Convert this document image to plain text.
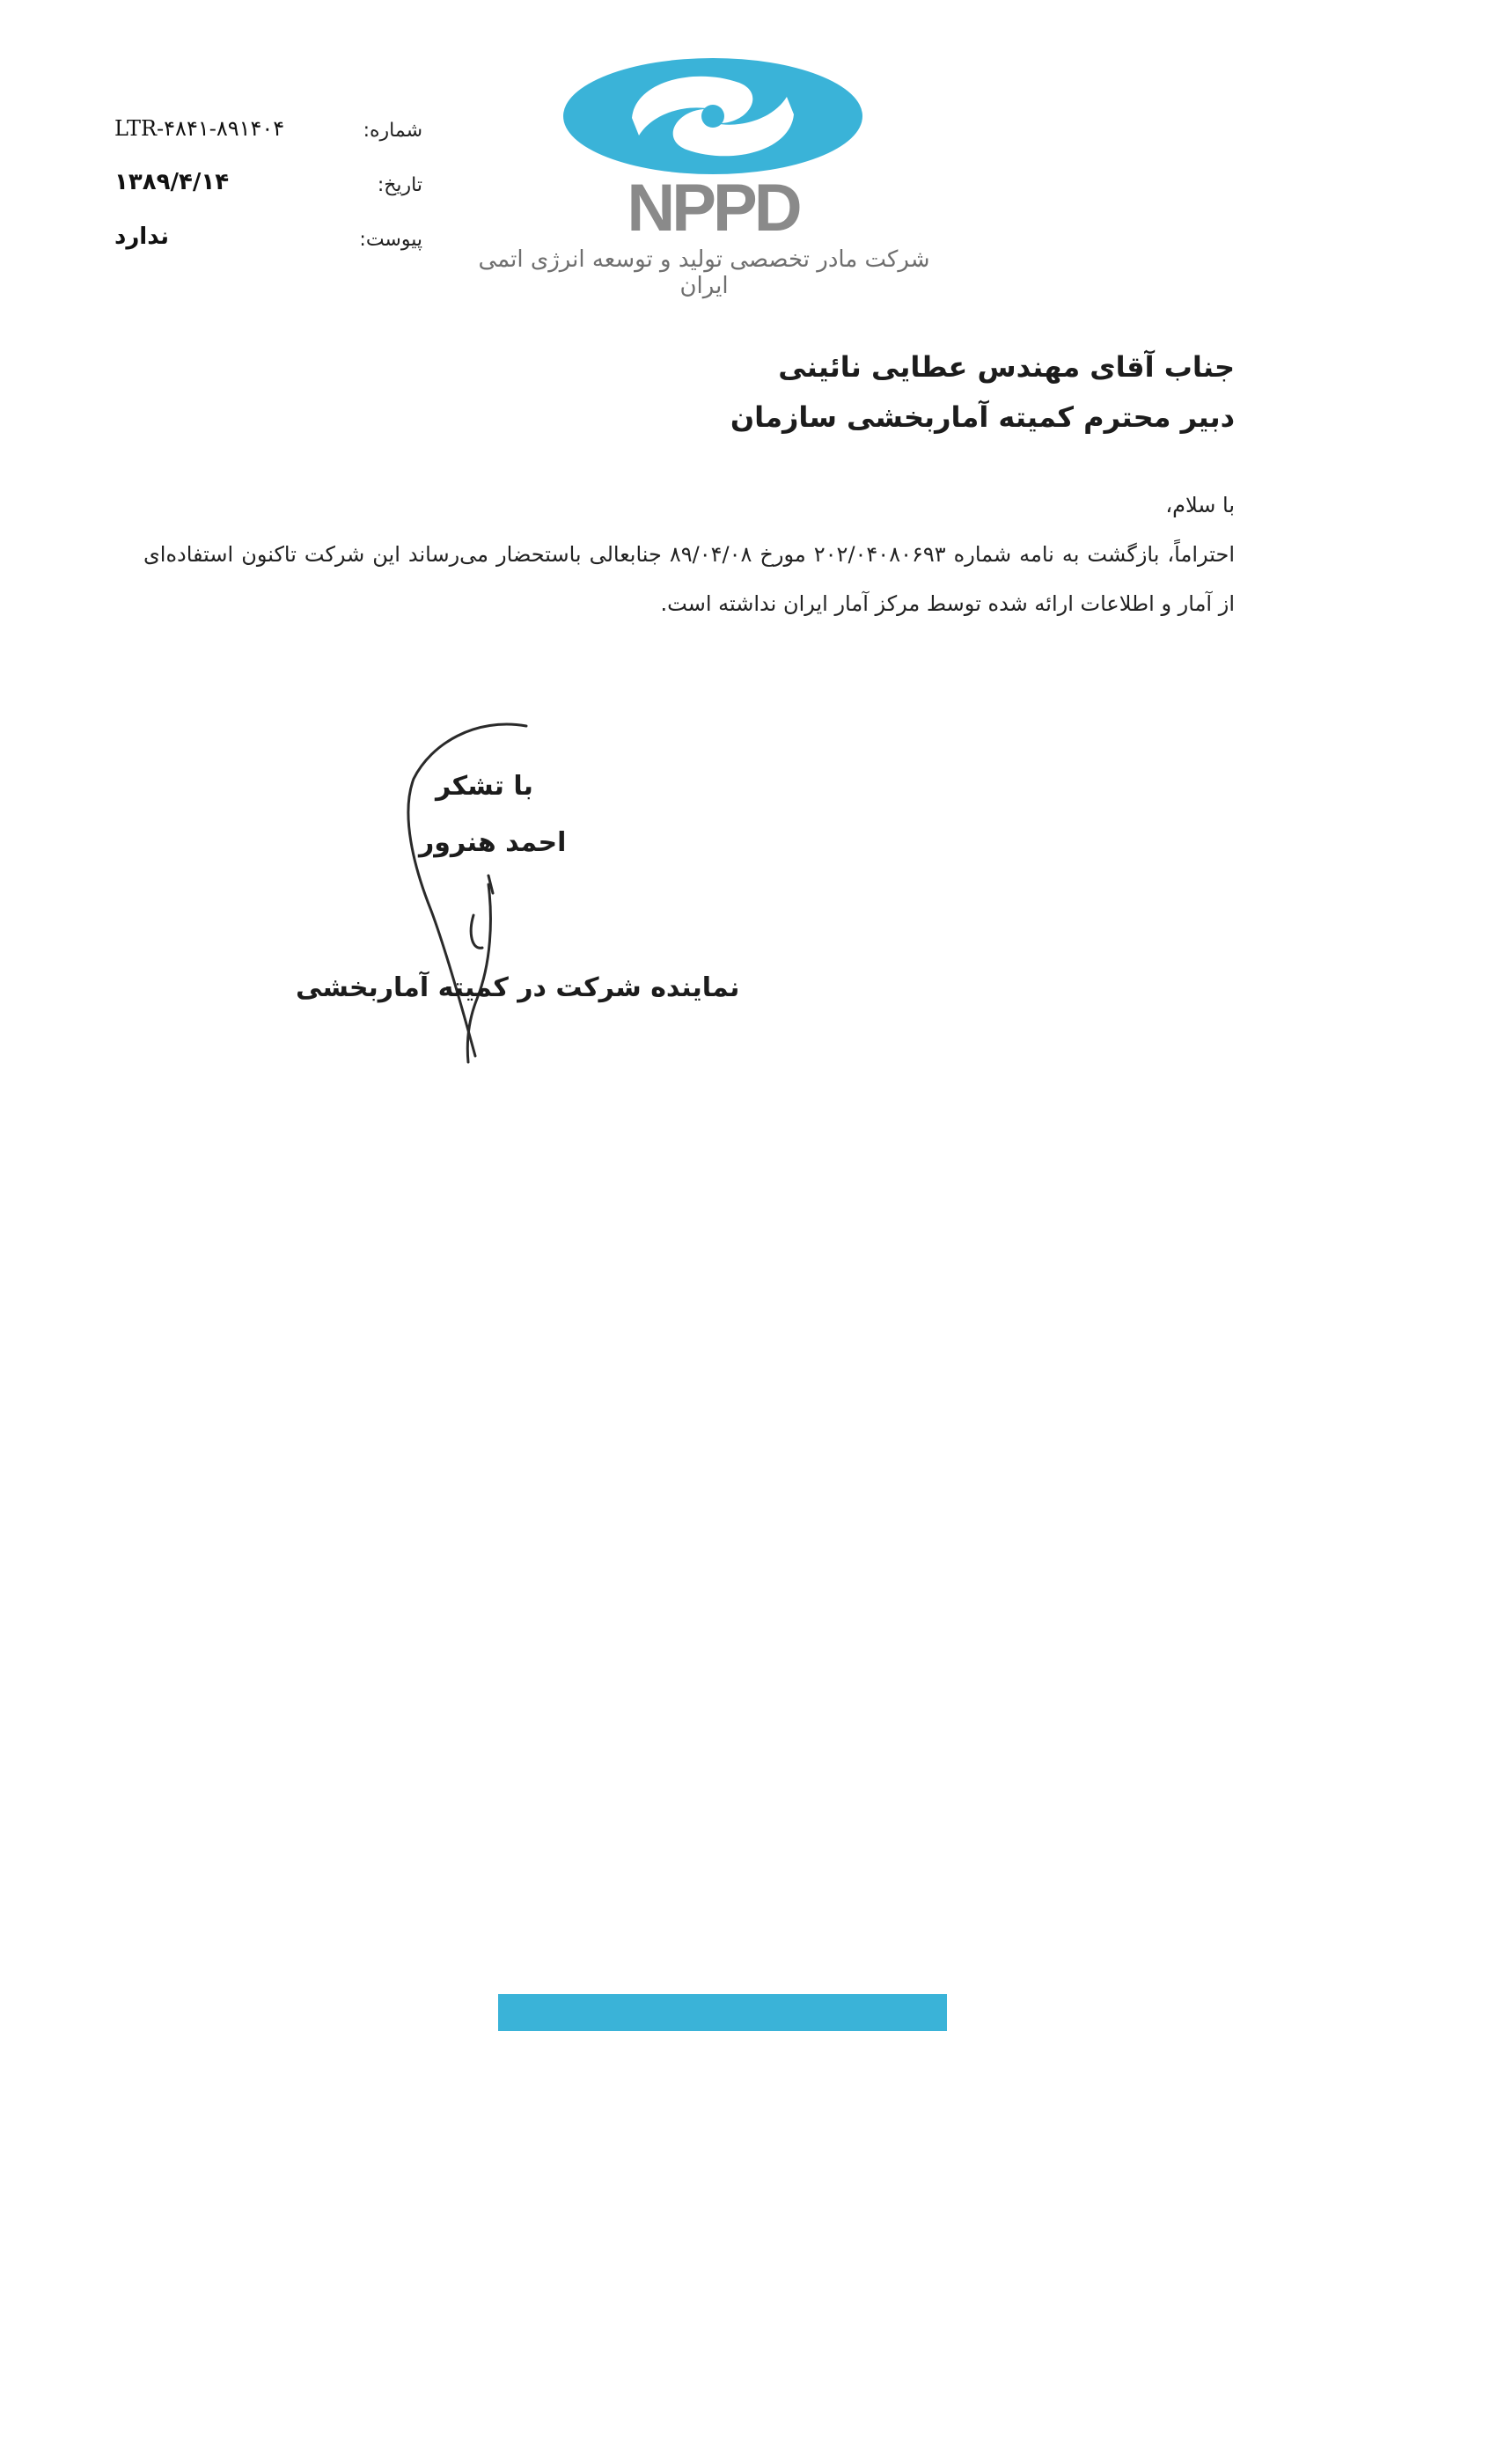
شماره:
LTR-۴۸۴۱-۸۹۱۴۰۴
تاریخ:
۱۳۸۹/۴/۱۴
پیوست:
ندارد	NPPD
شرکت مادر تخصصی تولید و توسعه انرژی اتمی ایران
جناب آقای مهندس عطایی نائینی
دبیر محترم کمیته آماربخشی سازمان
با سلام،
احتراماً، بازگشت به نامه شماره ۲۰۲/۰۴۰۸۰۶۹۳ مورخ ۸۹/۰۴/۰۸ جنابعالی باستحضار می‌رساند این شرکت تاکنون استفاده‌ای از آمار و اطلاعات ارائه شده توسط مرکز آمار ایران نداشته است.
با تشکر
احمد هنرور
نماینده شرکت در کمیته آماربخشی
